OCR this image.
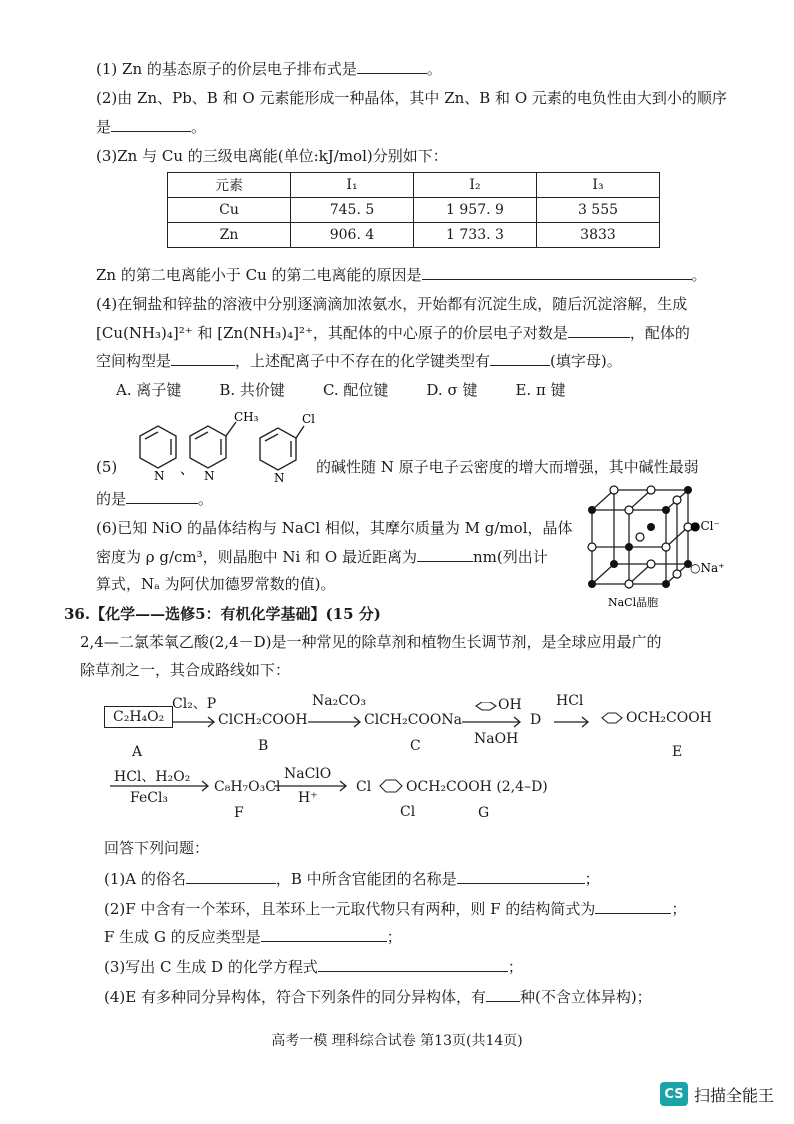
(1) Zn 的基态原子的价层电子排布式是	。
(2)由 Zn、Pb、B 和 O 元素能形成一种晶体，其中 Zn、B 和 O 元素的电负性由大到小的顺序
是	。
(3)Zn 与 Cu 的三级电离能(单位:kJ/mol)分别如下：
元素	I₁	I₂	I₃
Cu	745. 5	1 957. 9	3 555
Zn	906. 4	1 733. 3	3833
Zn 的第二电离能小于 Cu 的第二电离能的原因是	。
(4)在铜盐和锌盐的溶液中分别逐滴滴加浓氨水，开始都有沉淀生成，随后沉淀溶解，生成
[Cu(NH₃)₄]²⁺ 和 [Zn(NH₃)₄]²⁺，其配体的中心原子的价层电子对数是	，配体的
空间构型是	，上述配离子中不存在的化学键类型有	(填字母)。
A. 离子键	B. 共价键	C. 配位键	D. σ 键	E. π 键
(5)	N 、 N
CH₃
N
Cl
的碱性随 N 原子电子云密度的增大而增强，其中碱性最弱
的是	。
(6)已知 NiO 的晶体结构与 NaCl 相似，其摩尔质量为 M g/mol，晶体
密度为 ρ g/cm³，则晶胞中 Ni 和 O 最近距离为	nm(列出计
算式，Nₐ 为阿伏加德罗常数的值)。
●Cl⁻
○Na⁺
NaCl晶胞
36.【化学——选修5：有机化学基础】(15 分)
2,4—二氯苯氧乙酸(2,4－D)是一种常见的除草剂和植物生长调节剂，是全球应用最广的
除草剂之一，其合成路线如下：
C₂H₄O₂
Cl₂、P
ClCH₂COOH
Na₂CO₃
ClCH₂COONa
OH
NaOH
D
HCl
OCH₂COOH
A	B	C	E
HCl、H₂O₂
FeCl₃
C₈H₇O₃Cl
NaClO
H⁺
Cl OCH₂COOH (2,4–D)
Cl
F	G
回答下列问题：
(1)A 的俗名	，B 中所含官能团的名称是	；
(2)F 中含有一个苯环，且苯环上一元取代物只有两种，则 F 的结构简式为	；
F 生成 G 的反应类型是	；
(3)写出 C 生成 D 的化学方程式	；
(4)E 有多种同分异构体，符合下列条件的同分异构体，有 种(不含立体异构)；
高考一模 理科综合试卷 第13页(共14页)
CS 扫描全能王
